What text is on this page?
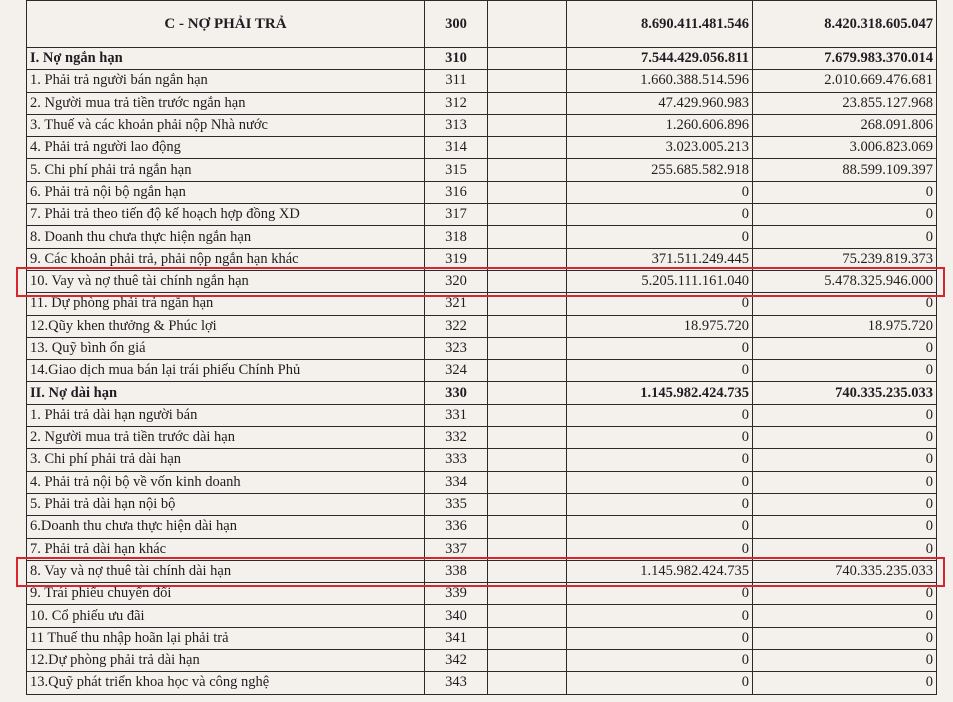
C - NỢ PHẢI TRẢ	300		8.690.411.481.546	8.420.318.605.047
I. Nợ ngắn hạn	310		7.544.429.056.811	7.679.983.370.014
1. Phải trả người bán ngắn hạn	311		1.660.388.514.596	2.010.669.476.681
2. Người mua trả tiền trước ngắn hạn	312		47.429.960.983	23.855.127.968
3. Thuế và các khoản phải nộp Nhà nước	313		1.260.606.896	268.091.806
4. Phải trả người lao động	314		3.023.005.213	3.006.823.069
5. Chi phí phải trả ngắn hạn	315		255.685.582.918	88.599.109.397
6. Phải trả nội bộ ngắn hạn	316		0	0
7. Phải trả theo tiến độ kế hoạch hợp đồng XD	317		0	0
8. Doanh thu chưa thực hiện ngắn hạn	318		0	0
9. Các khoản phải trả, phải nộp ngắn hạn khác	319		371.511.249.445	75.239.819.373
10. Vay và nợ thuê tài chính ngắn hạn	320		5.205.111.161.040	5.478.325.946.000
11. Dự phòng phải trả ngắn hạn	321		0	0
12.Qũy khen thưởng & Phúc lợi	322		18.975.720	18.975.720
13. Quỹ bình ổn giá	323		0	0
14.Giao dịch mua bán lại trái phiếu Chính Phủ	324		0	0
II. Nợ dài hạn	330		1.145.982.424.735	740.335.235.033
1. Phải trả dài hạn người bán	331		0	0
2. Người mua trả tiền trước dài hạn	332		0	0
3. Chi phí phải trả dài hạn	333		0	0
4. Phải trả nội bộ về vốn kinh doanh	334		0	0
5. Phải trả dài hạn nội bộ	335		0	0
6.Doanh thu chưa thực hiện dài hạn	336		0	0
7. Phải trả dài hạn khác	337		0	0
8. Vay và nợ thuê tài chính dài hạn	338		1.145.982.424.735	740.335.235.033
9. Trái phiếu chuyển đổi	339		0	0
10. Cổ phiếu ưu đãi	340		0	0
11 Thuế thu nhập hoãn lại phải trả	341		0	0
12.Dự phòng phải trả dài hạn	342		0	0
13.Quỹ phát triển khoa học và công nghệ	343		0	0
